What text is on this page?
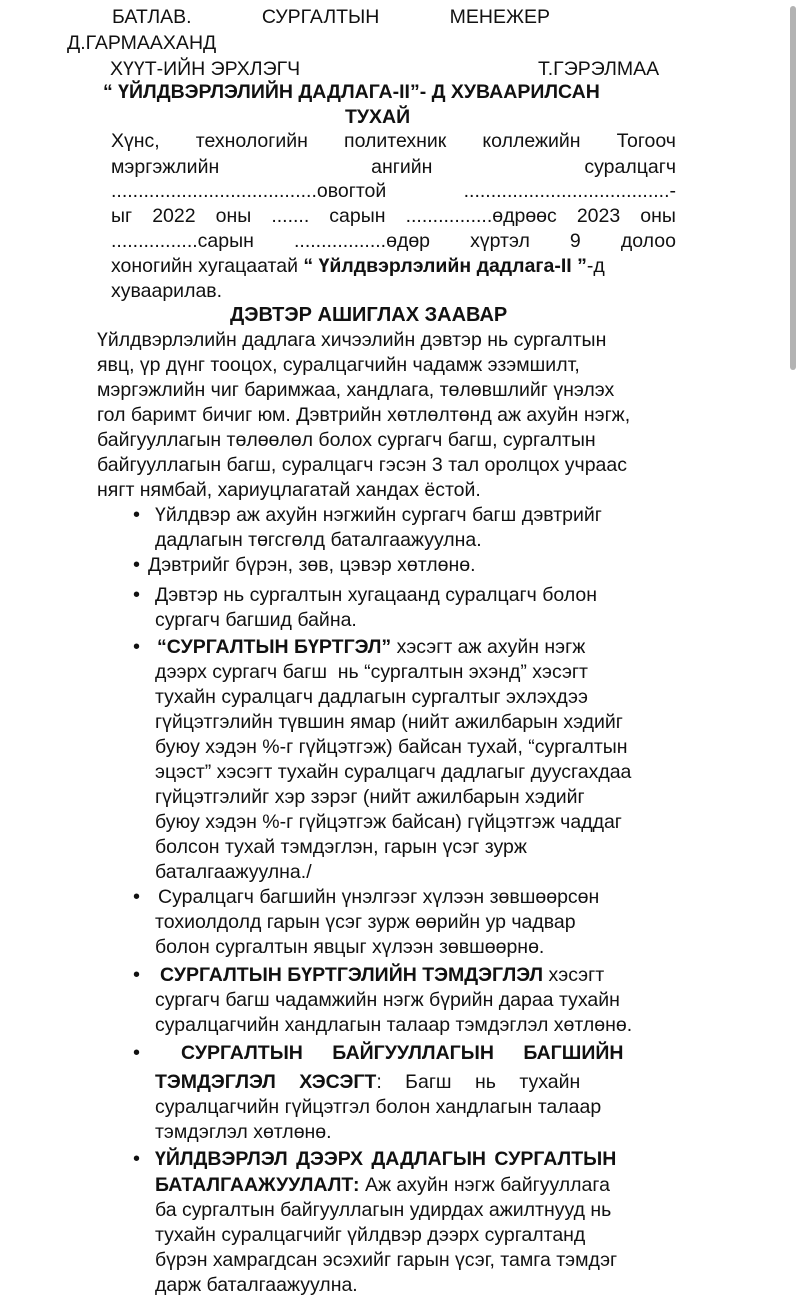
БАТЛАВ.	СУРГАЛТЫН	МЕНЕЖЕР
Д.ГАРМААХАНД
ХҮҮТ-ИЙН ЭРХЛЭГЧ	Т.ГЭРЭЛМАА
“ ҮЙЛДВЭРЛЭЛИЙН ДАДЛАГА-II”- Д ХУВААРИЛСАН
ТУХАЙ
Хүнс, технологийн политехник коллежийн Тогооч
мэргэжлийн	ангийн	суралцагч
......................................овогтой	......................................-
ыг 2022 оны ....... сарын ................өдрөөс 2023 оны
................сарын .................өдөр хүртэл 9 долоо
хоногийн хугацаатай “ Үйлдвэрлэлийн дадлага-II ”-д
хуваарилав.
ДЭВТЭР АШИГЛАХ ЗААВАР
Үйлдвэрлэлийн дадлага хичээлийн дэвтэр нь сургалтын
явц, үр дүнг тооцох, суралцагчийн чадамж эзэмшилт,
мэргэжлийн чиг баримжаа, хандлага, төлөвшлийг үнэлэх
гол баримт бичиг юм. Дэвтрийн хөтлөлтөнд аж ахуйн нэгж,
байгууллагын төлөөлөл болох сургагч багш, сургалтын
байгууллагын багш, суралцагч гэсэн 3 тал оролцох учраас
нягт нямбай, хариуцлагатай хандах ёстой.
• Үйлдвэр аж ахуйн нэгжийн сургагч багш дэвтрийг
дадлагын төгсгөлд баталгаажуулна.
• Дэвтрийг бүрэн, зөв, цэвэр хөтлөнө.
• Дэвтэр нь сургалтын хугацаанд суралцагч болон
сургагч багшид байна.
• “СУРГАЛТЫН БҮРТГЭЛ” хэсэгт аж ахуйн нэгж
дээрх сургагч багш  нь “сургалтын эхэнд” хэсэгт
тухайн суралцагч дадлагын сургалтыг эхлэхдээ
гүйцэтгэлийн түвшин ямар (нийт ажилбарын хэдийг
буюу хэдэн %-г гүйцэтгэж) байсан тухай, “сургалтын
эцэст” хэсэгт тухайн суралцагч дадлагыг дуусгахдаа
гүйцэтгэлийг хэр зэрэг (нийт ажилбарын хэдийг
буюу хэдэн %-г гүйцэтгэж байсан) гүйцэтгэж чаддаг
болсон тухай тэмдэглэн, гарын үсэг зурж
баталгаажуулна./
• Суралцагч багшийн үнэлгээг хүлээн зөвшөөрсөн
тохиолдолд гарын үсэг зурж өөрийн ур чадвар
болон сургалтын явцыг хүлээн зөвшөөрнө.
• СУРГАЛТЫН БҮРТГЭЛИЙН ТЭМДЭГЛЭЛ хэсэгт
сургагч багш чадамжийн нэгж бүрийн дараа тухайн
суралцагчийн хандлагын талаар тэмдэглэл хөтлөнө.
• СУРГАЛТЫН БАЙГУУЛЛАГЫН БАГШИЙН
ТЭМДЭГЛЭЛ ХЭСЭГТ: Багш нь тухайн
суралцагчийн гүйцэтгэл болон хандлагын талаар
тэмдэглэл хөтлөнө.
• ҮЙЛДВЭРЛЭЛ ДЭЭРХ ДАДЛАГЫН СУРГАЛТЫН
БАТАЛГААЖУУЛАЛТ: Аж ахуйн нэгж байгууллага
ба сургалтын байгууллагын удирдах ажилтнууд нь
тухайн суралцагчийг үйлдвэр дээрх сургалтанд
бүрэн хамрагдсан эсэхийг гарын үсэг, тамга тэмдэг
дарж баталгаажуулна.
